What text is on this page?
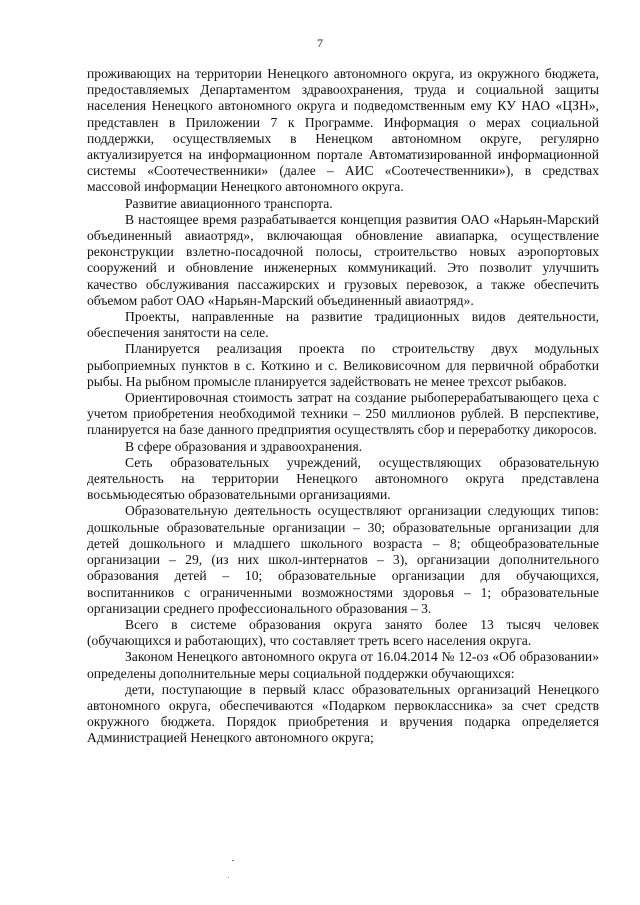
7

проживающих на территории Ненецкого автономного округа, из окружного бюджета, предоставляемых Департаментом здравоохранения, труда и социальной защиты населения Ненецкого автономного округа и подведомственным ему КУ НАО «ЦЗН», представлен в Приложении 7 к Программе. Информация о мерах социальной поддержки, осуществляемых в Ненецком автономном округе, регулярно актуализируется на информационном портале Автоматизированной информационной системы «Соотечественники» (далее – АИС «Соотечественники»), в средствах массовой информации Ненецкого автономного округа.

Развитие авиационного транспорта.

В настоящее время разрабатывается концепция развития ОАО «Нарьян-Марский объединенный авиаотряд», включающая обновление авиапарка, осуществление реконструкции взлетно-посадочной полосы, строительство новых аэропортовых сооружений и обновление инженерных коммуникаций. Это позволит улучшить качество обслуживания пассажирских и грузовых перевозок, а также обеспечить объемом работ ОАО «Нарьян-Марский объединенный авиаотряд».

Проекты, направленные на развитие традиционных видов деятельности, обеспечения занятости на селе.

Планируется реализация проекта по строительству двух модульных рыбоприемных пунктов в с. Коткино и с. Великовисочном для первичной обработки рыбы. На рыбном промысле планируется задействовать не менее трехсот рыбаков.

Ориентировочная стоимость затрат на создание рыбоперерабатывающего цеха с учетом приобретения необходимой техники – 250 миллионов рублей. В перспективе, планируется на базе данного предприятия осуществлять сбор и переработку дикоросов.

В сфере образования и здравоохранения.

Сеть образовательных учреждений, осуществляющих образовательную деятельность на территории Ненецкого автономного округа представлена восьмьюдесятью образовательными организациями.

Образовательную деятельность осуществляют организации следующих типов: дошкольные образовательные организации – 30; образовательные организации для детей дошкольного и младшего школьного возраста – 8; общеобразовательные организации – 29, (из них школ-интернатов – 3), организации дополнительного образования детей – 10; образовательные организации для обучающихся, воспитанников с ограниченными возможностями здоровья – 1; образовательные организации среднего профессионального образования – 3.

Всего в системе образования округа занято более 13 тысяч человек (обучающихся и работающих), что составляет треть всего населения округа.

Законом Ненецкого автономного округа от 16.04.2014 № 12-оз «Об образовании» определены дополнительные меры социальной поддержки обучающихся:

дети, поступающие в первый класс образовательных организаций Ненецкого автономного округа, обеспечиваются «Подарком первоклассника» за счет средств окружного бюджета. Порядок приобретения и вручения подарка определяется Администрацией Ненецкого автономного округа;
